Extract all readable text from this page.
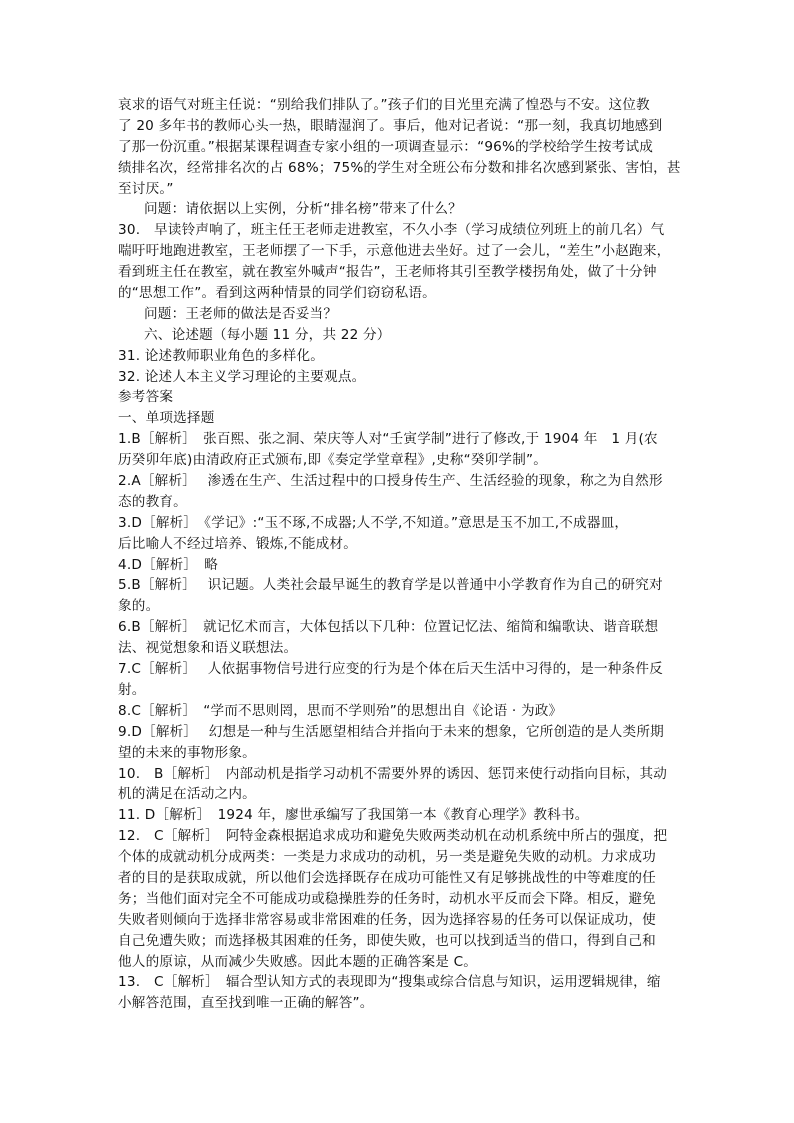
哀求的语气对班主任说：“别给我们排队了。”孩子们的目光里充满了惶恐与不安。这位教
了 20 多年书的教师心头一热，眼睛湿润了。事后，他对记者说：“那一刻，我真切地感到
了那一份沉重。”根据某课程调查专家小组的一项调查显示：“96%的学校给学生按考试成
绩排名次，经常排名次的占 68%；75%的学生对全班公布分数和排名次感到紧张、害怕，甚
至讨厌。”
问题：请依据以上实例，分析“排名榜”带来了什么？
30.　早读铃声响了，班主任王老师走进教室，不久小李（学习成绩位列班上的前几名）气
喘吁吁地跑进教室，王老师摆了一下手，示意他进去坐好。过了一会儿，“差生”小赵跑来，
看到班主任在教室，就在教室外喊声“报告”，王老师将其引至教学楼拐角处，做了十分钟
的“思想工作”。看到这两种情景的同学们窃窃私语。
问题：王老师的做法是否妥当？
六、论述题（每小题 11 分，共 22 分）
31. 论述教师职业角色的多样化。
32. 论述人本主义学习理论的主要观点。
参考答案
一、单项选择题
1.B［解析］　张百熙、张之洞、荣庆等人对“壬寅学制”进行了修改,于 1904 年　1 月(农
历癸卯年底)由清政府正式颁布,即《奏定学堂章程》,史称“癸卯学制”。
2.A［解析］　 渗透在生产、生活过程中的口授身传生产、生活经验的现象，称之为自然形
态的教育。
3.D［解析］　《学记》:“玉不琢,不成器;人不学,不知道。”意思是玉不加工,不成器皿，
后比喻人不经过培养、锻炼,不能成材。
4.D［解析］　略
5.B［解析］　 识记题。人类社会最早诞生的教育学是以普通中小学教育作为自己的研究对
象的。
6.B［解析］　就记忆术而言，大体包括以下几种：位置记忆法、缩简和编歌诀、谐音联想
法、视觉想象和语义联想法。
7.C［解析］　 人依据事物信号进行应变的行为是个体在后天生活中习得的，是一种条件反
射。
8.C［解析］　“学而不思则罔，思而不学则殆”的思想出自《论语 · 为政》
9.D［解析］　 幻想是一种与生活愿望相结合并指向于未来的想象，它所创造的是人类所期
望的未来的事物形象。
10.　B［解析］　内部动机是指学习动机不需要外界的诱因、惩罚来使行动指向目标，其动
机的满足在活动之内。
11. D［解析］　1924 年，廖世承编写了我国第一本《教育心理学》教科书。
12.　C［解析］　阿特金森根据追求成功和避免失败两类动机在动机系统中所占的强度，把
个体的成就动机分成两类：一类是力求成功的动机，另一类是避免失败的动机。力求成功
者的目的是获取成就，所以他们会选择既存在成功可能性又有足够挑战性的中等难度的任
务；当他们面对完全不可能成功或稳操胜券的任务时，动机水平反而会下降。相反，避免
失败者则倾向于选择非常容易或非常困难的任务，因为选择容易的任务可以保证成功，使
自己免遭失败；而选择极其困难的任务，即使失败，也可以找到适当的借口，得到自己和
他人的原谅，从而减少失败感。因此本题的正确答案是 C。
13.　C［解析］　辐合型认知方式的表现即为“搜集或综合信息与知识，运用逻辑规律，缩
小解答范围，直至找到唯一正确的解答”。
